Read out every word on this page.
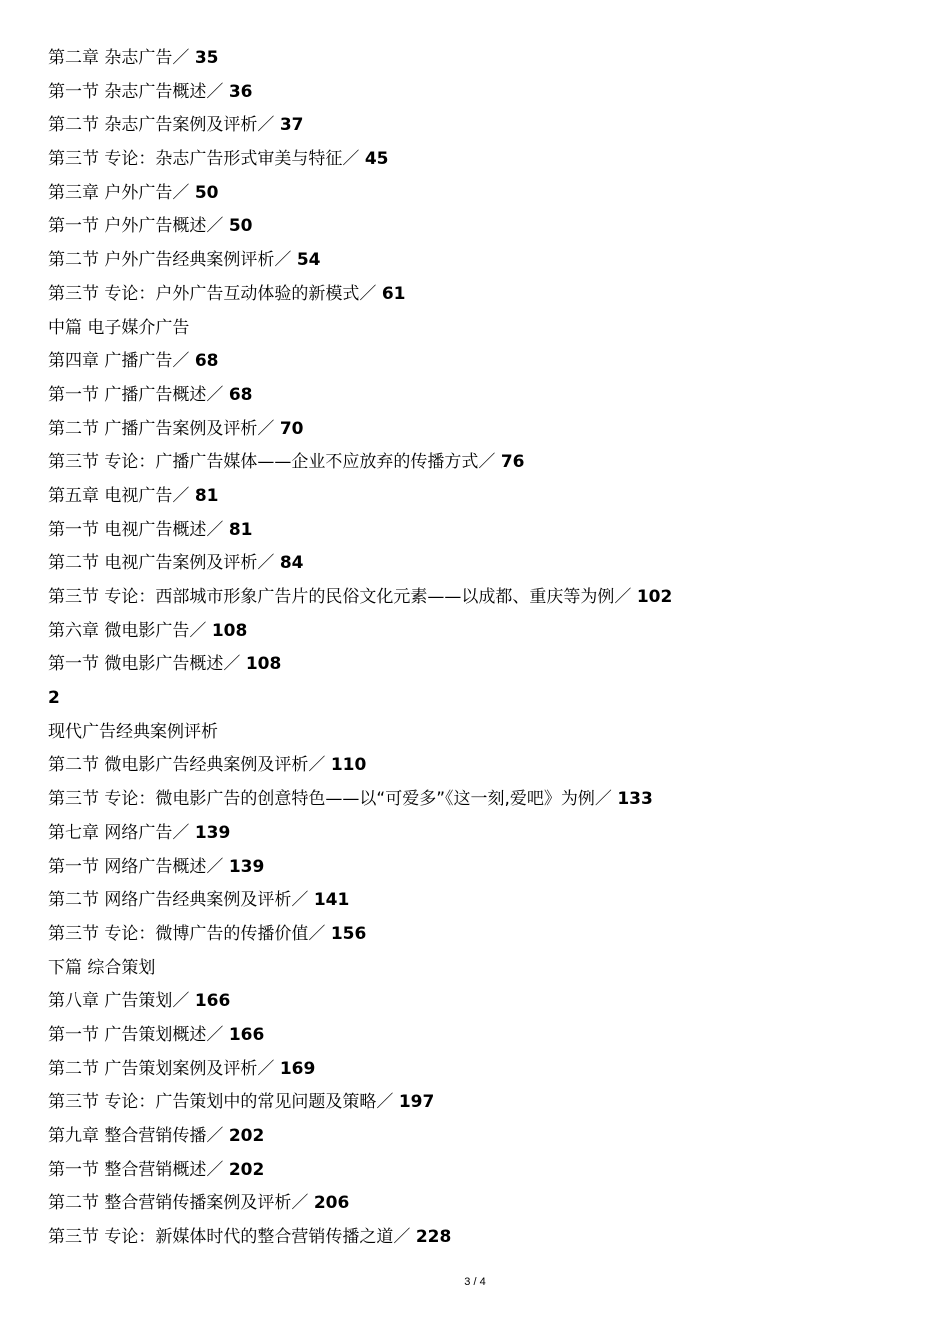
第二章 杂志广告／ 35
第一节 杂志广告概述／ 36
第二节 杂志广告案例及评析／ 37
第三节 专论：杂志广告形式审美与特征／ 45
第三章 户外广告／ 50
第一节 户外广告概述／ 50
第二节 户外广告经典案例评析／ 54
第三节 专论：户外广告互动体验的新模式／ 61
中篇 电子媒介广告
第四章 广播广告／ 68
第一节 广播广告概述／ 68
第二节 广播广告案例及评析／ 70
第三节 专论：广播广告媒体——企业不应放弃的传播方式／ 76
第五章 电视广告／ 81
第一节 电视广告概述／ 81
第二节 电视广告案例及评析／ 84
第三节 专论：西部城市形象广告片的民俗文化元素——以成都、重庆等为例／ 102
第六章 微电影广告／ 108
第一节 微电影广告概述／ 108
2
现代广告经典案例评析
第二节 微电影广告经典案例及评析／ 110
第三节 专论：微电影广告的创意特色——以“可爱多”《这一刻,爱吧》为例／ 133
第七章 网络广告／ 139
第一节 网络广告概述／ 139
第二节 网络广告经典案例及评析／ 141
第三节 专论：微博广告的传播价值／ 156
下篇 综合策划
第八章 广告策划／ 166
第一节 广告策划概述／ 166
第二节 广告策划案例及评析／ 169
第三节 专论：广告策划中的常见问题及策略／ 197
第九章 整合营销传播／ 202
第一节 整合营销概述／ 202
第二节 整合营销传播案例及评析／ 206
第三节 专论：新媒体时代的整合营销传播之道／ 228
3 / 4
